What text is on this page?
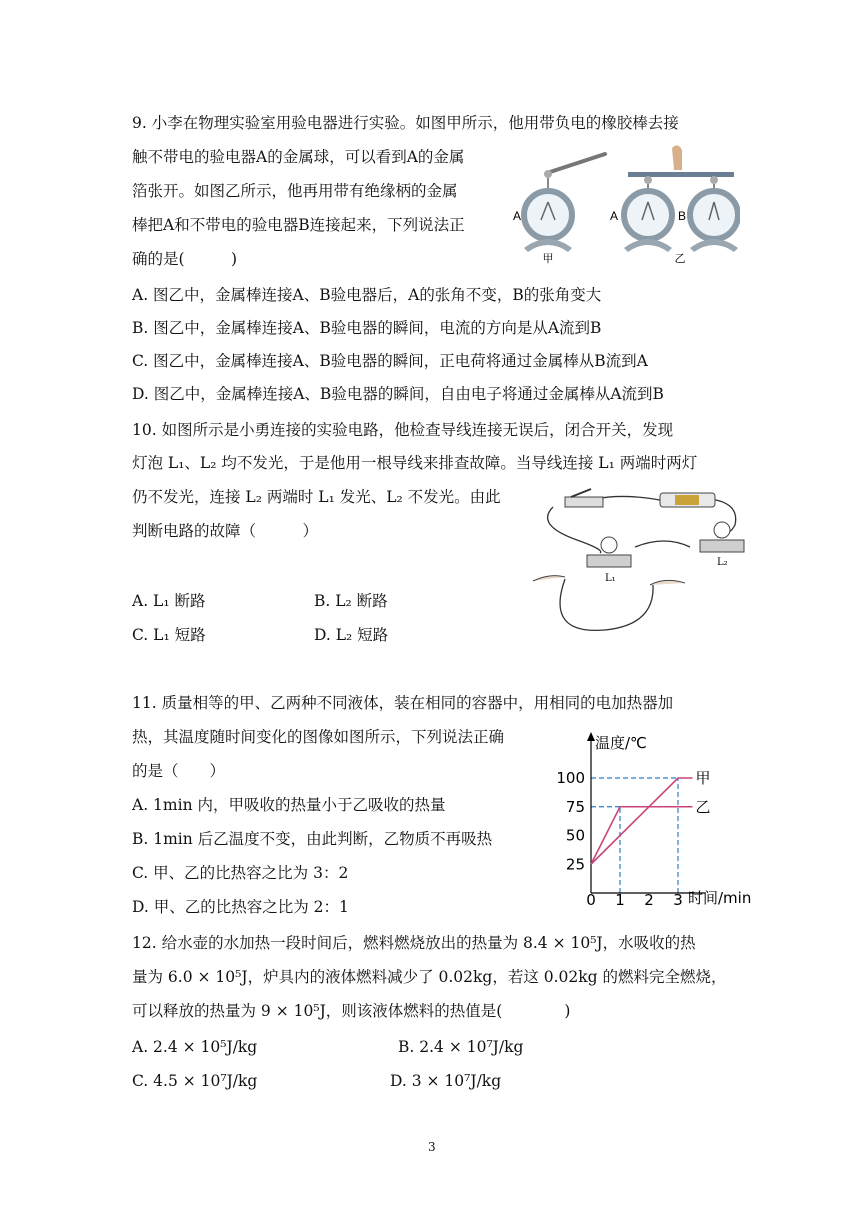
9. 小李在物理实验室用验电器进行实验。如图甲所示，他用带负电的橡胶棒去接
触不带电的验电器A的金属球，可以看到A的金属
箔张开。如图乙所示，他再用带有绝缘柄的金属
棒把A和不带电的验电器B连接起来，下列说法正
确的是(　　　)
A. 图乙中，金属棒连接A、B验电器后，A的张角不变，B的张角变大
B. 图乙中，金属棒连接A、B验电器的瞬间，电流的方向是从A流到B
C. 图乙中，金属棒连接A、B验电器的瞬间，正电荷将通过金属棒从B流到A
D. 图乙中，金属棒连接A、B验电器的瞬间，自由电子将通过金属棒从A流到B
A
甲
A	B
乙
10. 如图所示是小勇连接的实验电路，他检查导线连接无误后，闭合开关，发现
灯泡 L₁、L₂ 均不发光，于是他用一根导线来排查故障。当导线连接 L₁ 两端时两灯
仍不发光，连接 L₂ 两端时 L₁ 发光、L₂ 不发光。由此
判断电路的故障（　　　）
A. L₁ 断路	B. L₂ 断路
C. L₁ 短路	D. L₂ 短路
L₁
L₂
11. 质量相等的甲、乙两种不同液体，装在相同的容器中，用相同的电加热器加
热，其温度随时间变化的图像如图所示，下列说法正确
的是（　　）
A. 1min 内，甲吸收的热量小于乙吸收的热量
B. 1min 后乙温度不变，由此判断，乙物质不再吸热
C. 甲、乙的比热容之比为 3：2
D. 甲、乙的比热容之比为 2：1
25
50
75
100
0 1 2 3
甲
乙
温度/℃
时间/min
12. 给水壶的水加热一段时间后，燃料燃烧放出的热量为 8.4 × 10⁵J，水吸收的热
量为 6.0 × 10⁵J，炉具内的液体燃料减少了 0.02kg，若这 0.02kg 的燃料完全燃烧，
可以释放的热量为 9 × 10⁵J，则该液体燃料的热值是(　　　　)
A. 2.4 × 10⁵J/kg	B. 2.4 × 10⁷J/kg
C. 4.5 × 10⁷J/kg	D. 3 × 10⁷J/kg
3
